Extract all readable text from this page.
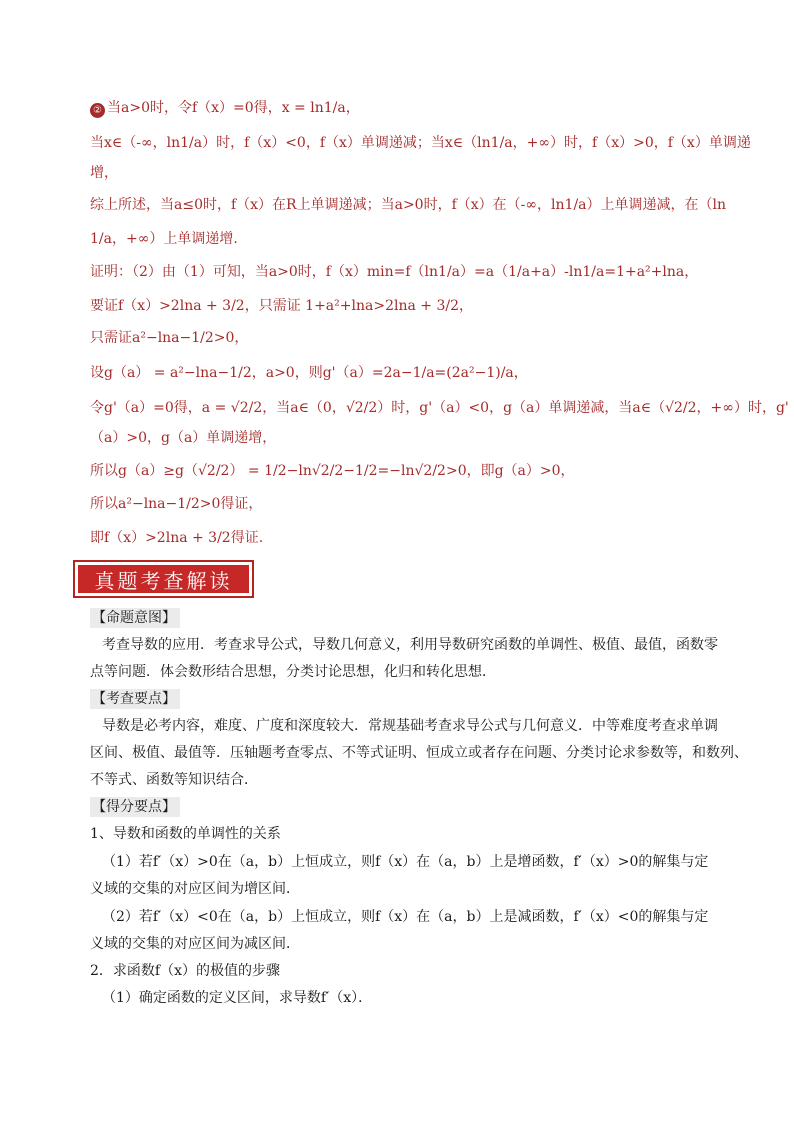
② 当a>0时，令f（x）=0得，x = ln1/a，
当x∈（-∞，ln1/a）时，f（x）<0，f（x）单调递减；当x∈（ln1/a，+∞）时，f（x）>0，f（x）单调递
增，
综上所述，当a≤0时，f（x）在R上单调递减；当a>0时，f（x）在（-∞，ln1/a）上单调递减，在（ln
1/a，+∞）上单调递增.
证明：（2）由（1）可知，当a>0时，f（x）min=f（ln1/a）=a（1/a+a）-ln1/a=1+a²+lna，
要证f（x）>2lna + 3/2，只需证 1+a²+lna>2lna + 3/2，
只需证a²−lna−1/2>0，
设g（a） = a²−lna−1/2，a>0，则g'（a）=2a−1/a=(2a²−1)/a，
令g'（a）=0得，a = √2/2，当a∈（0，√2/2）时，g'（a）<0，g（a）单调递减，当a∈（√2/2，+∞）时，g'
（a）>0，g（a）单调递增，
所以g（a）≥g（√2/2） = 1/2−ln√2/2−1/2=−ln√2/2>0，即g（a）>0，
所以a²−lna−1/2>0得证，
即f（x）>2lna + 3/2得证.
真题考查解读
【命题意图】
考查导数的应用．考查求导公式，导数几何意义，利用导数研究函数的单调性、极值、最值，函数零
点等问题．体会数形结合思想，分类讨论思想，化归和转化思想．
【考查要点】
导数是必考内容，难度、广度和深度较大．常规基础考查求导公式与几何意义．中等难度考查求单调
区间、极值、最值等．压轴题考查零点、不等式证明、恒成立或者存在问题、分类讨论求参数等，和数列、
不等式、函数等知识结合．
【得分要点】
1、导数和函数的单调性的关系
（1）若f′（x）>0在（a，b）上恒成立，则f（x）在（a，b）上是增函数，f′（x）>0的解集与定
义域的交集的对应区间为增区间．
（2）若f′（x）<0在（a，b）上恒成立，则f（x）在（a，b）上是减函数，f′（x）<0的解集与定
义域的交集的对应区间为减区间．
2．求函数f（x）的极值的步骤
（1）确定函数的定义区间，求导数f′（x）．
